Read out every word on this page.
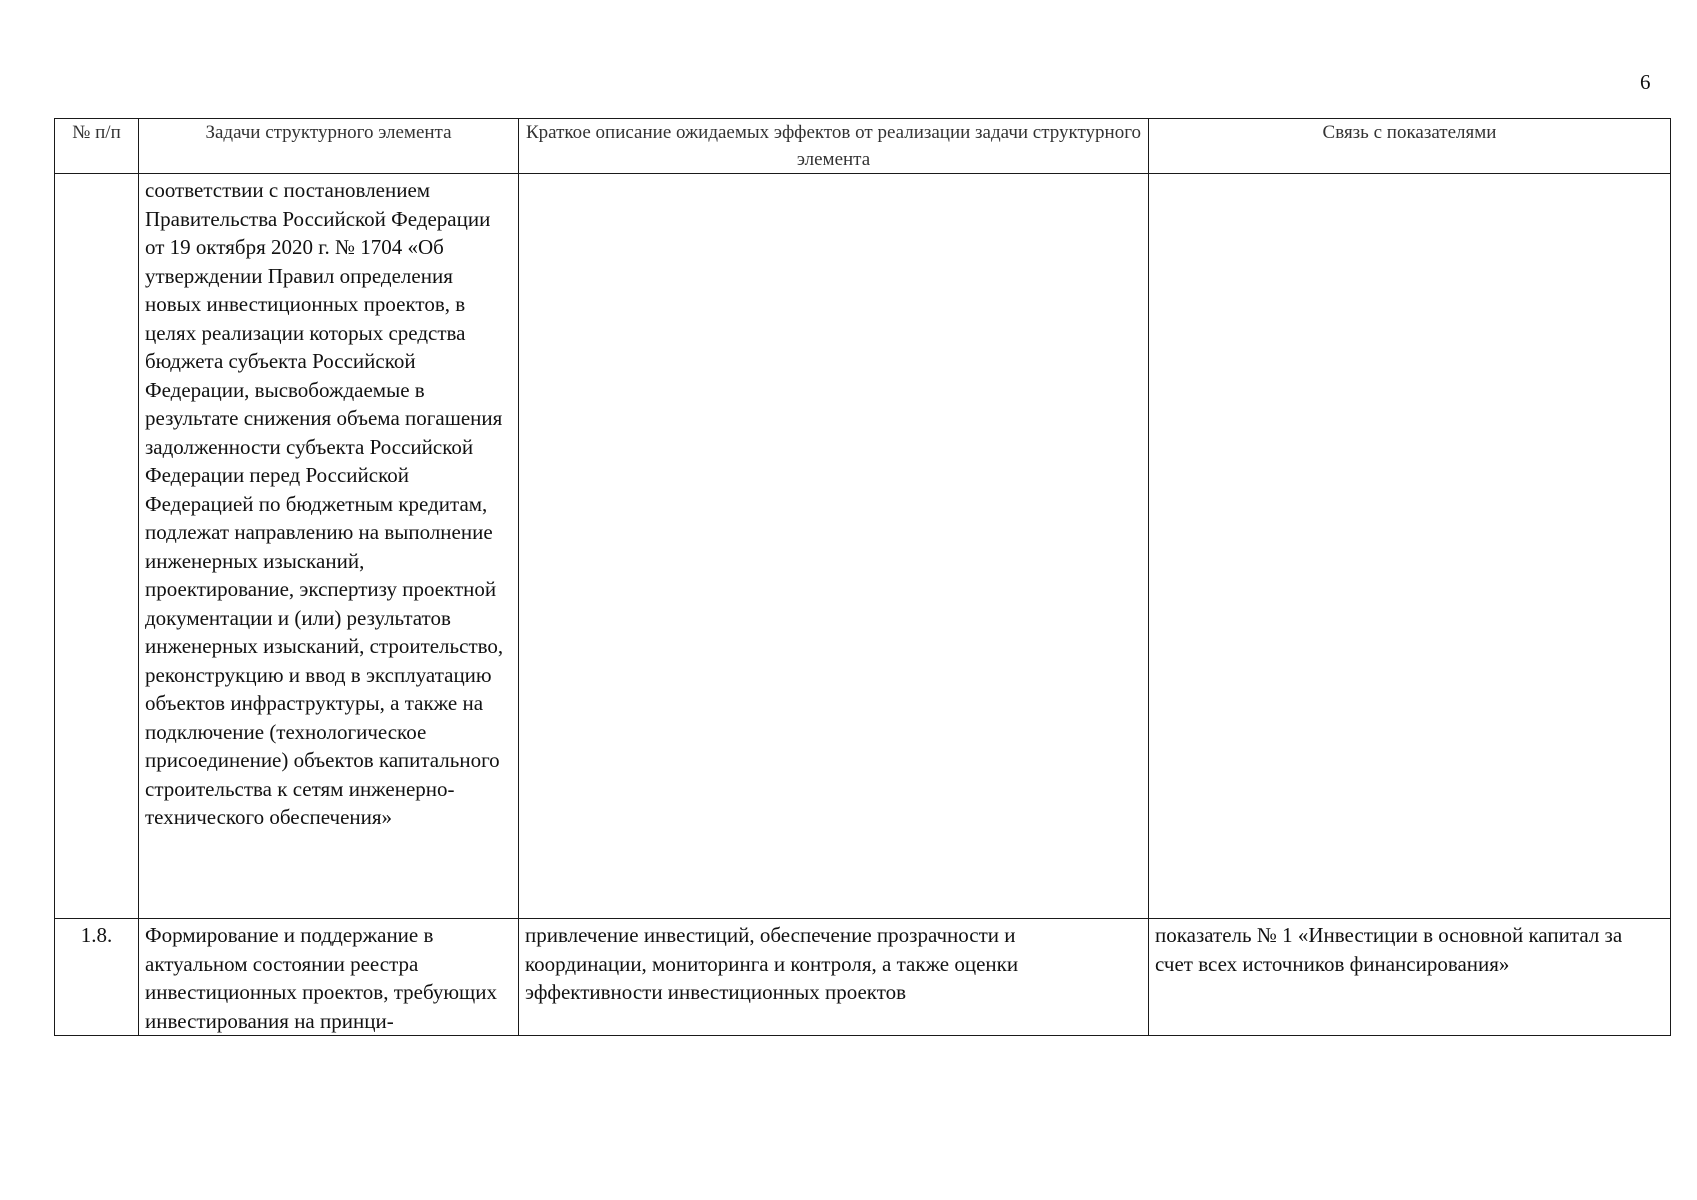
6
№ п/п	Задачи структурного элемента	Краткое описание ожидаемых эффектов от реализации задачи структурного элемента	Связь с показателями
	соответствии с постановлением Правительства Российской Федерации от 19 октября 2020 г. № 1704 «Об утверждении Правил определения новых инвестиционных проектов, в целях реализации которых средства бюджета субъекта Российской Федерации, высвобождаемые в результате снижения объема погашения задолженности субъекта Российской Федерации перед Российской Федерацией по бюджетным кредитам, подлежат направлению на выполнение инженерных изысканий, проектирование, экспертизу проектной документации и (или) результатов инженерных изысканий, строительство, реконструкцию и ввод в эксплуатацию объектов инфраструктуры, а также на подключение (технологическое присоединение) объектов капитального строительства к сетям инженерно-технического обеспечения»		
1.8.	Формирование и поддержание в актуальном состоянии реестра инвестиционных проектов, требующих инвестирования на принци-	привлечение инвестиций, обеспечение прозрачности и координации, мониторинга и контроля, а также оценки эффективности инвестиционных проектов	показатель № 1 «Инвестиции в основной капитал за счет всех источников финансирования»
